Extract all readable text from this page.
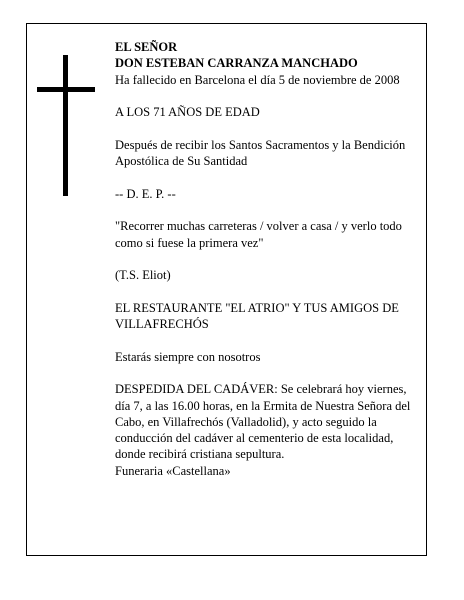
EL SEÑOR
DON ESTEBAN CARRANZA MANCHADO

Ha fallecido en Barcelona el día 5 de noviembre de 2008

A LOS 71 AÑOS DE EDAD

Después de recibir los Santos Sacramentos y la Bendición Apostólica de Su Santidad

-- D. E. P. --

"Recorrer muchas carreteras / volver a casa / y verlo todo como si fuese la primera vez"

(T.S. Eliot)

EL RESTAURANTE "EL ATRIO" Y TUS AMIGOS DE VILLAFRECHÓS

Estarás siempre con nosotros

DESPEDIDA DEL CADÁVER: Se celebrará hoy viernes, día 7, a las 16.00 horas, en la Ermita de Nuestra Señora del Cabo, en Villafrechós (Valladolid), y acto seguido la conducción del cadáver al cementerio de esta localidad, donde recibirá cristiana sepultura.

Funeraria «Castellana»
